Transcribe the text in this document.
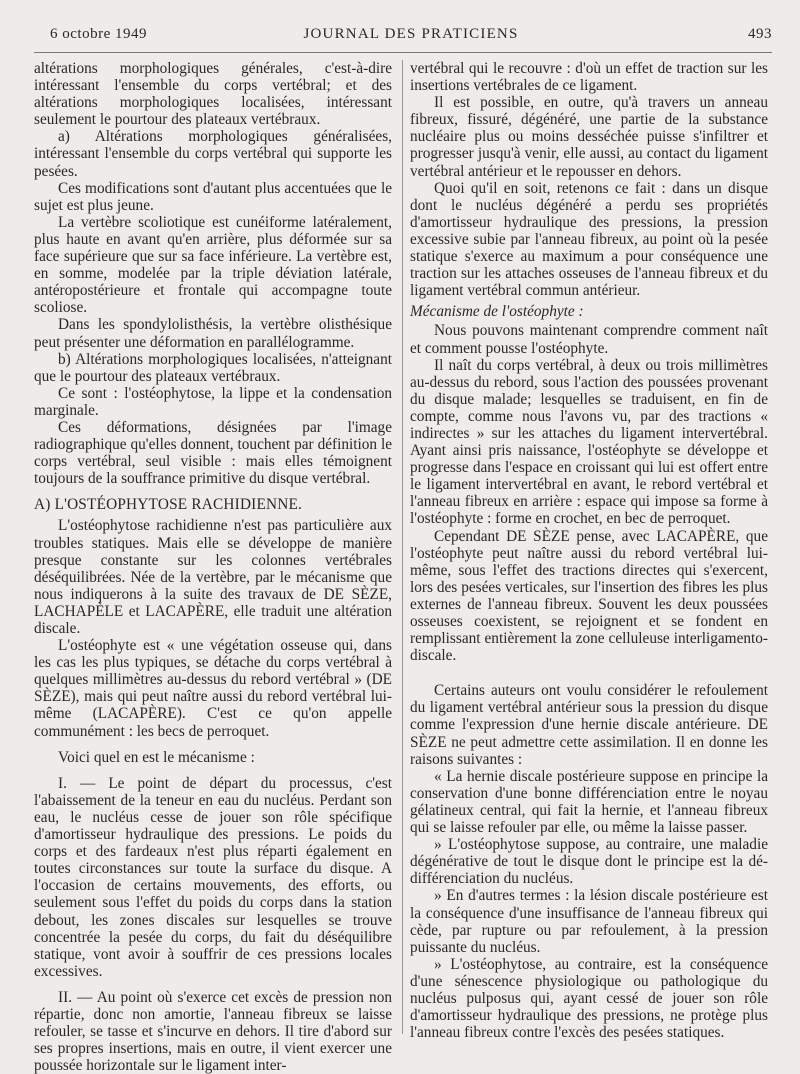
6 octobre 1949	JOURNAL DES PRATICIENS	493

altérations morphologiques générales, c'est-à-dire intéressant l'ensemble du corps vertébral; et des altérations morphologiques localisées, intéressant seulement le pourtour des plateaux vertébraux.

a) Altérations morphologiques généralisées, intéressant l'ensemble du corps vertébral qui supporte les pesées.

Ces modifications sont d'autant plus accentuées que le sujet est plus jeune.

La vertèbre scoliotique est cunéiforme latéralement, plus haute en avant qu'en arrière, plus déformée sur sa face supérieure que sur sa face inférieure. La vertèbre est, en somme, modelée par la triple déviation latérale, antéropostérieure et frontale qui accompagne toute scoliose.

Dans les spondylolisthésis, la vertèbre olisthésique peut présenter une déformation en parallélogramme.

b) Altérations morphologiques localisées, n'atteignant que le pourtour des plateaux vertébraux.

Ce sont : l'ostéophytose, la lippe et la condensation marginale.

Ces déformations, désignées par l'image radiographique qu'elles donnent, touchent par définition le corps vertébral, seul visible : mais elles témoignent toujours de la souffrance primitive du disque vertébral.

A) L'OSTÉOPHYTOSE RACHIDIENNE.

L'ostéophytose rachidienne n'est pas particulière aux troubles statiques. Mais elle se développe de manière presque constante sur les colonnes vertébrales déséquilibrées. Née de la vertèbre, par le mécanisme que nous indiquerons à la suite des travaux de DE SÈZE, LACHAPÈLE et LACAPÈRE, elle traduit une altération discale.

L'ostéophyte est « une végétation osseuse qui, dans les cas les plus typiques, se détache du corps vertébral à quelques millimètres au-dessus du rebord vertébral » (DE SÈZE), mais qui peut naître aussi du rebord vertébral lui-même (LACAPÈRE). C'est ce qu'on appelle communément : les becs de perroquet.

Voici quel en est le mécanisme :

I. — Le point de départ du processus, c'est l'abaissement de la teneur en eau du nucléus. Perdant son eau, le nucléus cesse de jouer son rôle spécifique d'amortisseur hydraulique des pressions. Le poids du corps et des fardeaux n'est plus réparti également en toutes circonstances sur toute la surface du disque. A l'occasion de certains mouvements, des efforts, ou seulement sous l'effet du poids du corps dans la station debout, les zones discales sur lesquelles se trouve concentrée la pesée du corps, du fait du déséquilibre statique, vont avoir à souffrir de ces pressions locales excessives.

II. — Au point où s'exerce cet excès de pression non répartie, donc non amortie, l'anneau fibreux se laisse refouler, se tasse et s'incurve en dehors. Il tire d'abord sur ses propres insertions, mais en outre, il vient exercer une poussée horizontale sur le ligament inter-

vertébral qui le recouvre : d'où un effet de traction sur les insertions vertébrales de ce ligament.

Il est possible, en outre, qu'à travers un anneau fibreux, fissuré, dégénéré, une partie de la substance nucléaire plus ou moins desséchée puisse s'infiltrer et progresser jusqu'à venir, elle aussi, au contact du ligament vertébral antérieur et le repousser en dehors.

Quoi qu'il en soit, retenons ce fait : dans un disque dont le nucléus dégénéré a perdu ses propriétés d'amortisseur hydraulique des pressions, la pression excessive subie par l'anneau fibreux, au point où la pesée statique s'exerce au maximum a pour conséquence une traction sur les attaches osseuses de l'anneau fibreux et du ligament vertébral commun antérieur.

Mécanisme de l'ostéophyte :

Nous pouvons maintenant comprendre comment naît et comment pousse l'ostéophyte.

Il naît du corps vertébral, à deux ou trois millimètres au-dessus du rebord, sous l'action des poussées provenant du disque malade; lesquelles se traduisent, en fin de compte, comme nous l'avons vu, par des tractions « indirectes » sur les attaches du ligament intervertébral. Ayant ainsi pris naissance, l'ostéophyte se développe et progresse dans l'espace en croissant qui lui est offert entre le ligament intervertébral en avant, le rebord vertébral et l'anneau fibreux en arrière : espace qui impose sa forme à l'ostéophyte : forme en crochet, en bec de perroquet.

Cependant DE SÈZE pense, avec LACAPÈRE, que l'ostéophyte peut naître aussi du rebord vertébral lui-même, sous l'effet des tractions directes qui s'exercent, lors des pesées verticales, sur l'insertion des fibres les plus externes de l'anneau fibreux. Souvent les deux poussées osseuses coexistent, se rejoignent et se fondent en remplissant entièrement la zone celluleuse interligamento-discale.

Certains auteurs ont voulu considérer le refoulement du ligament vertébral antérieur sous la pression du disque comme l'expression d'une hernie discale antérieure. DE SÈZE ne peut admettre cette assimilation. Il en donne les raisons suivantes :

« La hernie discale postérieure suppose en principe la conservation d'une bonne différenciation entre le noyau gélatineux central, qui fait la hernie, et l'anneau fibreux qui se laisse refouler par elle, ou même la laisse passer.

» L'ostéophytose suppose, au contraire, une maladie dégénérative de tout le disque dont le principe est la dé-différenciation du nucléus.

» En d'autres termes : la lésion discale postérieure est la conséquence d'une insuffisance de l'anneau fibreux qui cède, par rupture ou par refoulement, à la pression puissante du nucléus.

» L'ostéophytose, au contraire, est la conséquence d'une sénescence physiologique ou pathologique du nucléus pulposus qui, ayant cessé de jouer son rôle d'amortisseur hydraulique des pressions, ne protège plus l'anneau fibreux contre l'excès des pesées statiques.
